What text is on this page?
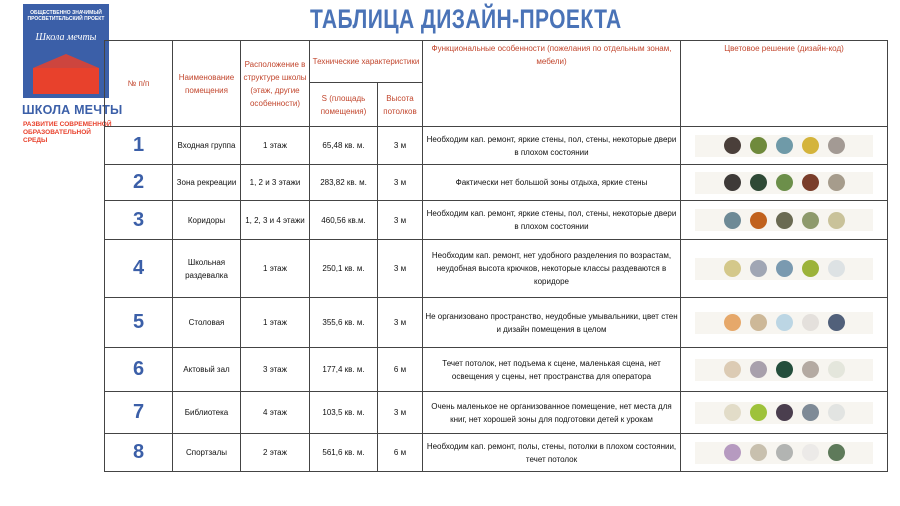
ОБЩЕСТВЕННО ЗНАЧИМЫЙ ПРОСВЕТИТЕЛЬСКИЙ ПРОЕКТ
Школа мечты
ШКОЛА МЕЧТЫ
РАЗВИТИЕ СОВРЕМЕННОЙ ОБРАЗОВАТЕЛЬНОЙ СРЕДЫ
ТАБЛИЦА ДИЗАЙН-ПРОЕКТА
№ п/п	Наименование помещения	Расположение в структуре школы (этаж, другие особенности)	Технические характеристики		Функциональные особенности (пожелания по отдельным зонам, мебели)	Цветовое решение (дизайн-код)
			S (площадь помещения)	Высота потолков		
1	Входная группа	1 этаж	65,48 кв. м.	3 м	Необходим кап. ремонт, яркие стены, пол, стены, некоторые двери в плохом состоянии	

2	Зона рекреации	1, 2 и 3 этажи	283,82 кв. м.	3 м	Фактически нет большой зоны отдыха, яркие стены	

3	Коридоры	1, 2, 3 и 4 этажи	460,56 кв.м.	3 м	Необходим кап. ремонт, яркие стены, пол, стены, некоторые двери в плохом состоянии	

4	Школьная раздевалка	1 этаж	250,1 кв. м.	3 м	Необходим кап. ремонт, нет удобного разделения по возрастам, неудобная высота крючков, некоторые классы раздеваются в коридоре	

5	Столовая	1 этаж	355,6 кв. м.	3 м	Не организовано пространство, неудобные умывальники, цвет стен и дизайн помещения в целом	

6	Актовый зал	3 этаж	177,4 кв. м.	6 м	Течет потолок, нет подъема к сцене, маленькая сцена, нет освещения у сцены, нет пространства для оператора	

7	Библиотека	4 этаж	103,5 кв. м.	3 м	Очень маленькое не организованное помещение, нет места для книг, нет хорошей зоны для подготовки детей к урокам	

8	Спортзалы	2 этаж	561,6 кв. м.	6 м	Необходим кап. ремонт, полы, стены, потолки в плохом состоянии, течет потолок	
